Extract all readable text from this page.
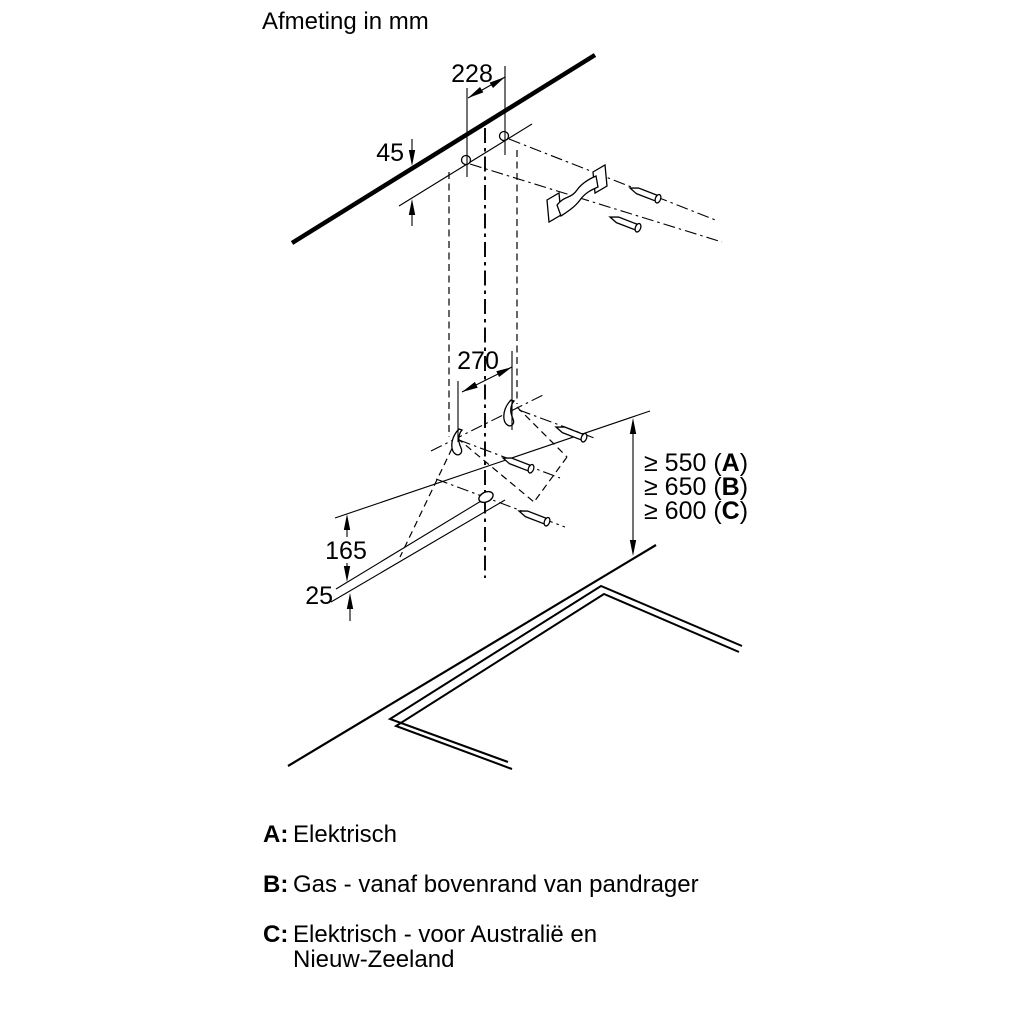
228
45
270
165
25
≥ 550 (A)
≥ 650 (B)
≥ 600 (C)
Afmeting in mm
A: Elektrisch
B: Gas - vanaf bovenrand van pandrager
C: Elektrisch - voor Australië en
Nieuw-Zeeland
